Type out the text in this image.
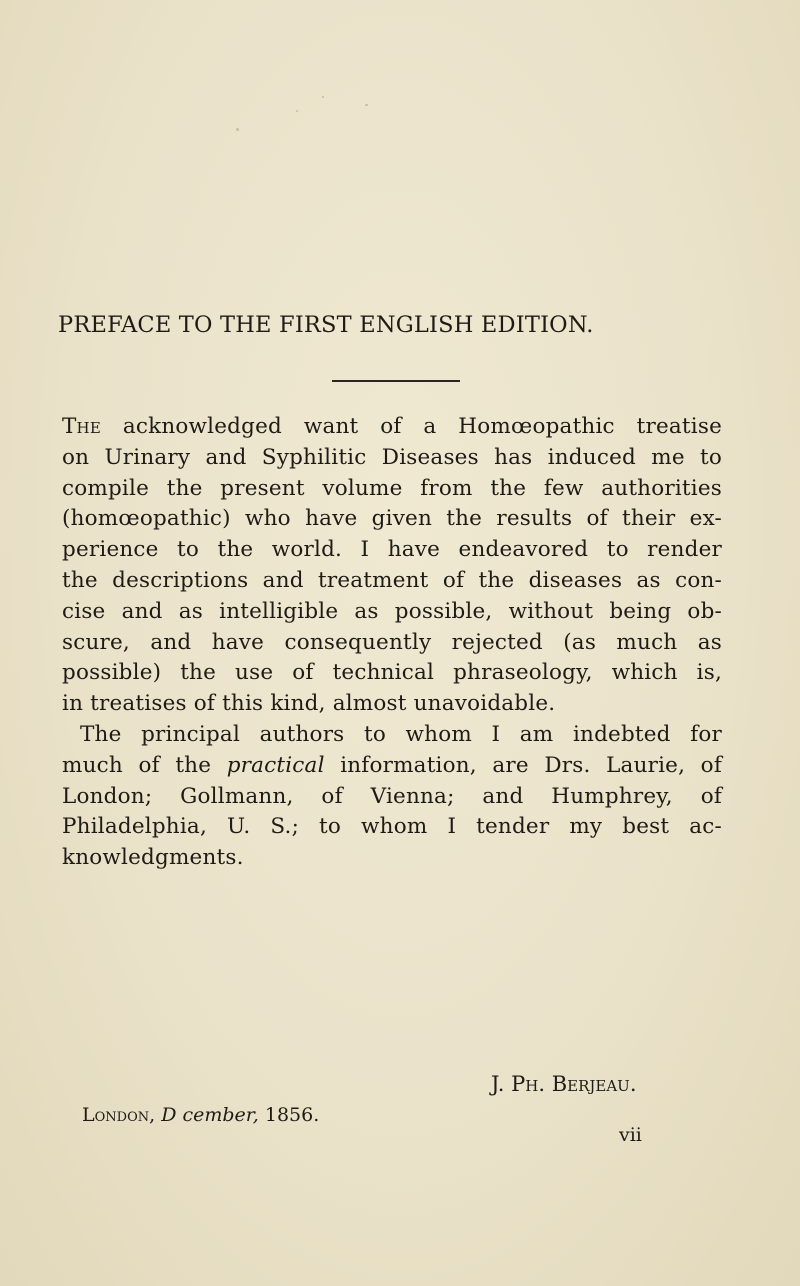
PREFACE TO THE FIRST ENGLISH EDITION.
The acknowledged want of a Homœopathic treatise
on Urinary and Syphilitic Diseases has induced me to
compile the present volume from the few authorities
(homœopathic) who have given the results of their ex-
perience to the world. I have endeavored to render
the descriptions and treatment of the diseases as con-
cise and as intelligible as possible, without being ob-
scure, and have consequently rejected (as much as
possible) the use of technical phraseology, which is,
in treatises of this kind, almost unavoidable.
The principal authors to whom I am indebted for
much of the practical information, are Drs. Laurie, of
London; Gollmann, of Vienna; and Humphrey, of
Philadelphia, U. S.; to whom I tender my best ac-
knowledgments.
J. Ph. Berjeau.
London, D cember, 1856.
vii
